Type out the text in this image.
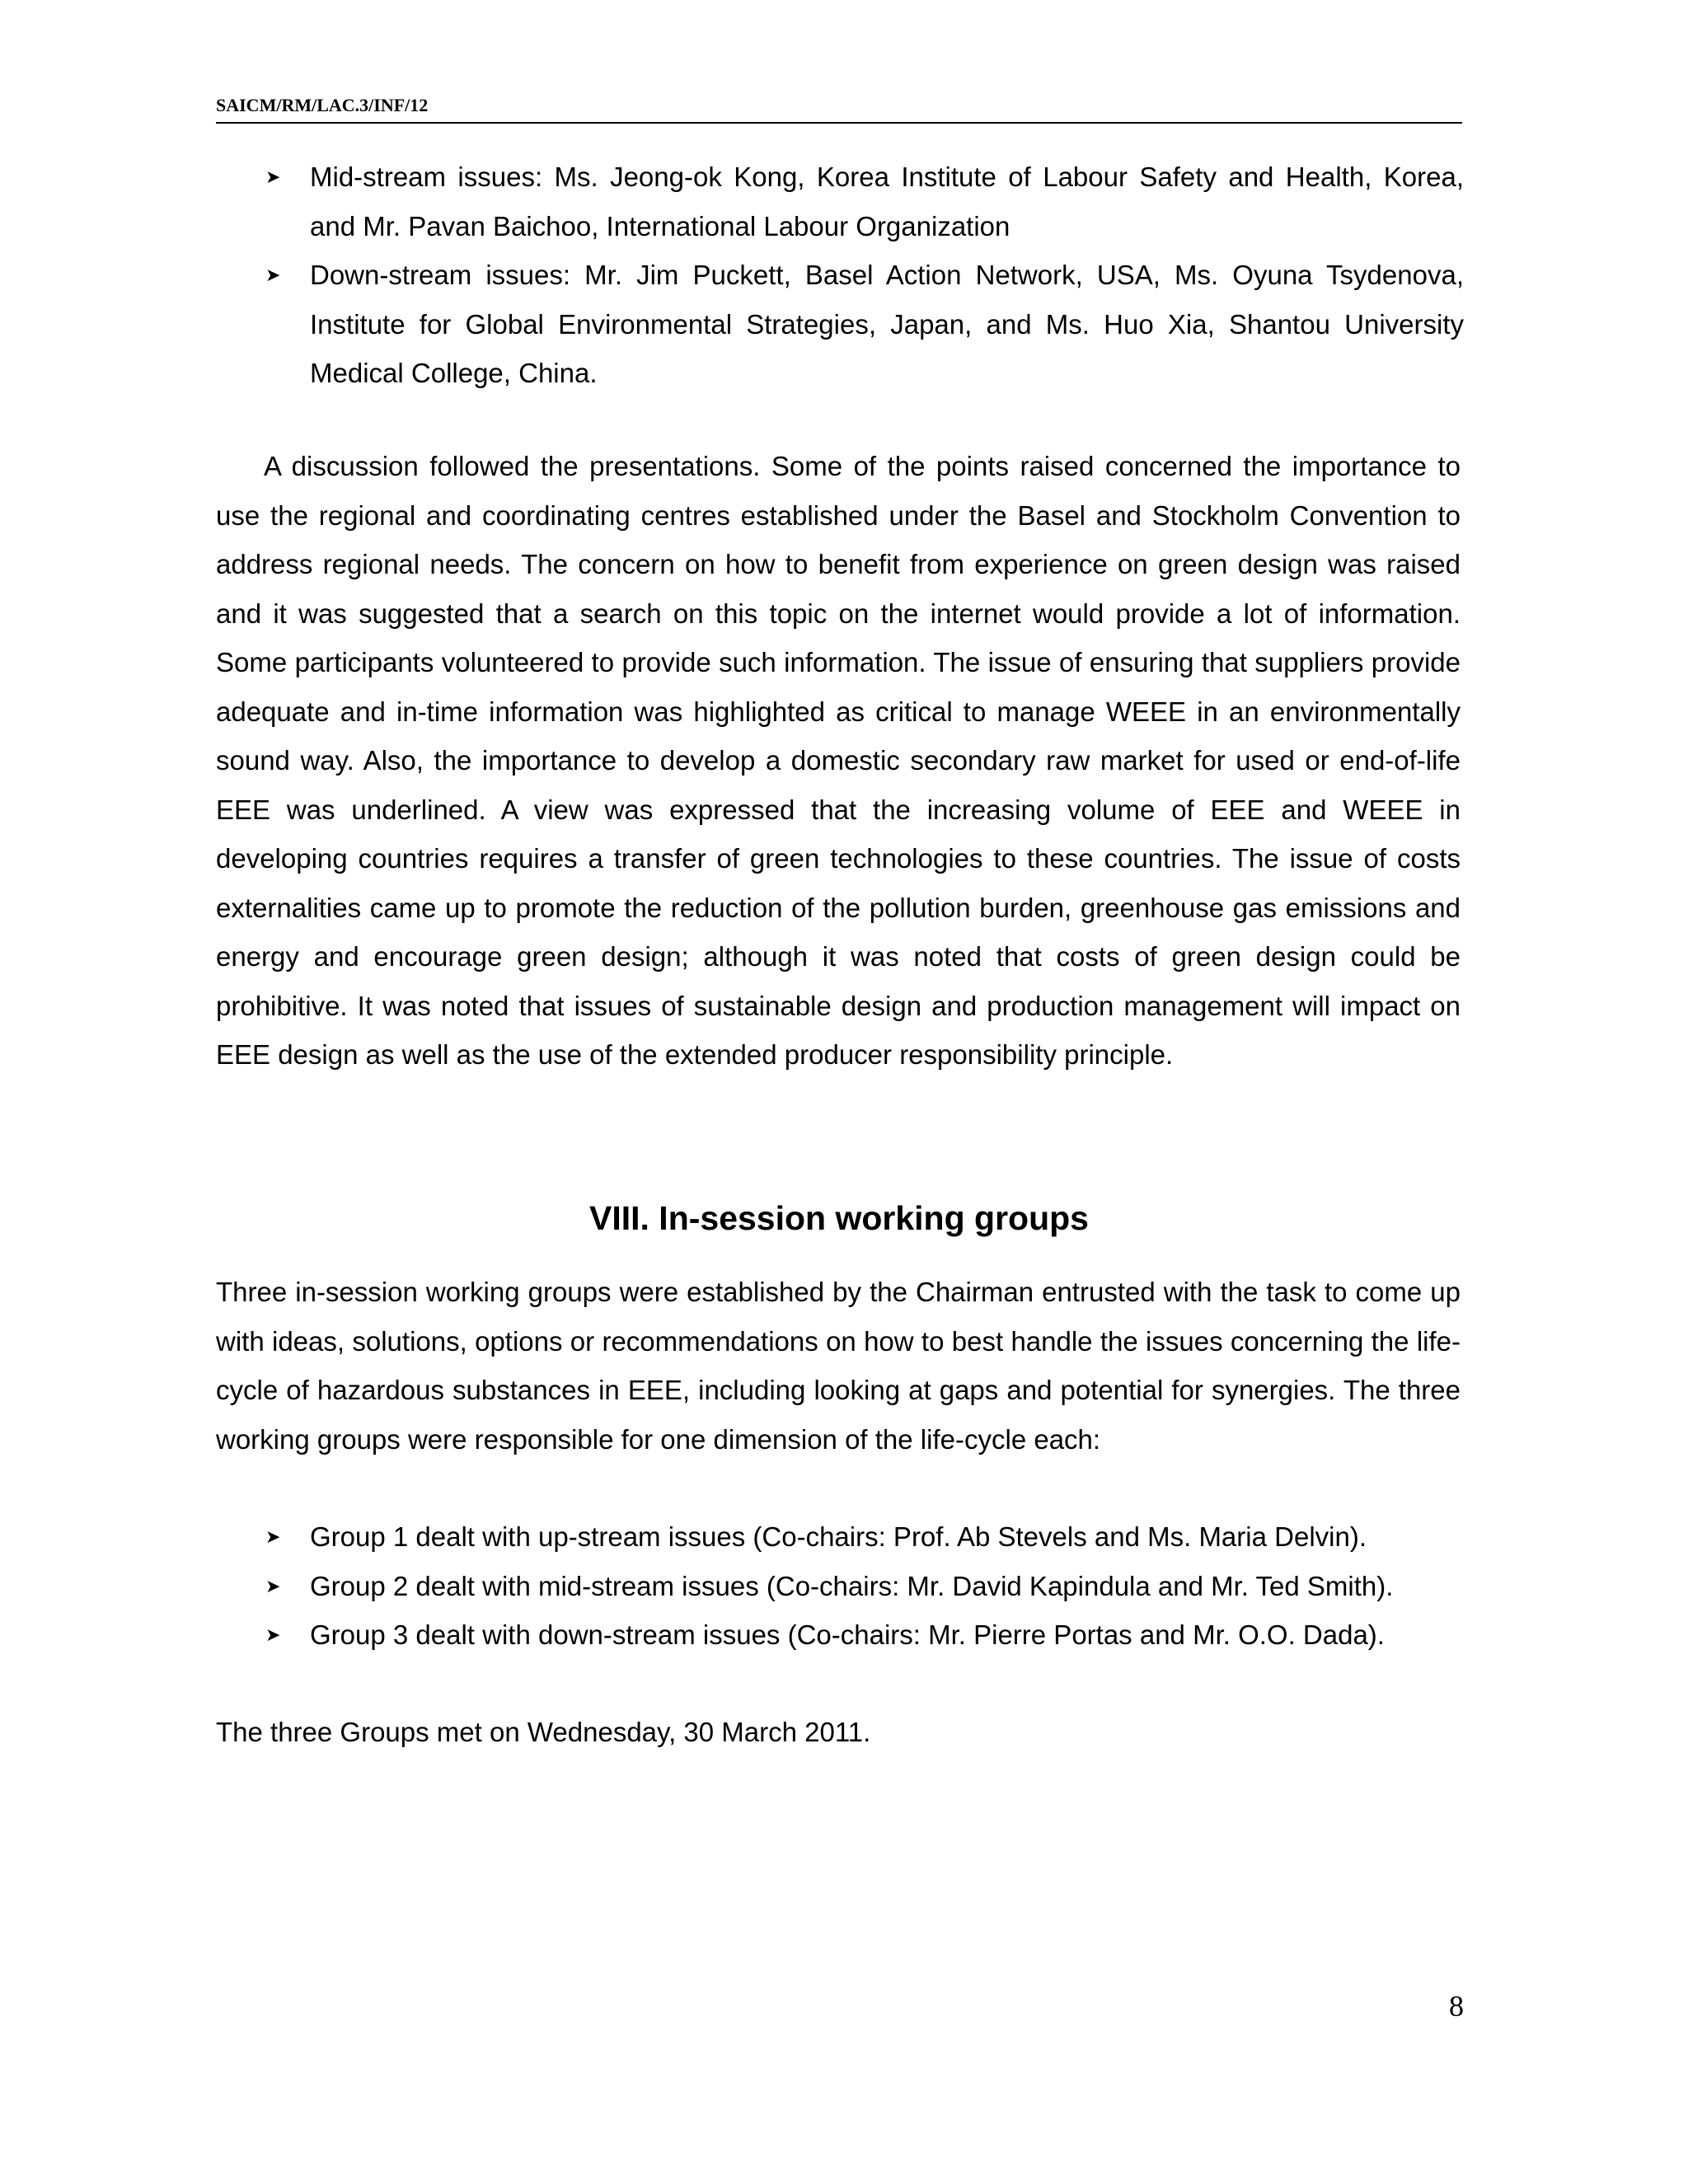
SAICM/RM/LAC.3/INF/12
➤ Mid-stream issues: Ms. Jeong-ok Kong, Korea Institute of Labour Safety and Health, Korea, and Mr. Pavan Baichoo, International Labour Organization
➤ Down-stream issues: Mr. Jim Puckett, Basel Action Network, USA, Ms. Oyuna Tsydenova, Institute for Global Environmental Strategies, Japan, and Ms. Huo Xia, Shantou University Medical College, China.

A discussion followed the presentations. Some of the points raised concerned the importance to use the regional and coordinating centres established under the Basel and Stockholm Convention to address regional needs. The concern on how to benefit from experience on green design was raised and it was suggested that a search on this topic on the internet would provide a lot of information. Some participants volunteered to provide such information. The issue of ensuring that suppliers provide adequate and in-time information was highlighted as critical to manage WEEE in an environmentally sound way. Also, the importance to develop a domestic secondary raw market for used or end-of-life EEE was underlined. A view was expressed that the increasing volume of EEE and WEEE in developing countries requires a transfer of green technologies to these countries. The issue of costs externalities came up to promote the reduction of the pollution burden, greenhouse gas emissions and energy and encourage green design; although it was noted that costs of green design could be prohibitive. It was noted that issues of sustainable design and production management will impact on EEE design as well as the use of the extended producer responsibility principle.

VIII. In-session working groups

Three in-session working groups were established by the Chairman entrusted with the task to come up with ideas, solutions, options or recommendations on how to best handle the issues concerning the life-cycle of hazardous substances in EEE, including looking at gaps and potential for synergies. The three working groups were responsible for one dimension of the life-cycle each:

➤ Group 1 dealt with up-stream issues (Co-chairs: Prof. Ab Stevels and Ms. Maria Delvin).
➤ Group 2 dealt with mid-stream issues (Co-chairs: Mr. David Kapindula and Mr. Ted Smith).
➤ Group 3 dealt with down-stream issues (Co-chairs: Mr. Pierre Portas and Mr. O.O. Dada).

The three Groups met on Wednesday, 30 March 2011.

8
